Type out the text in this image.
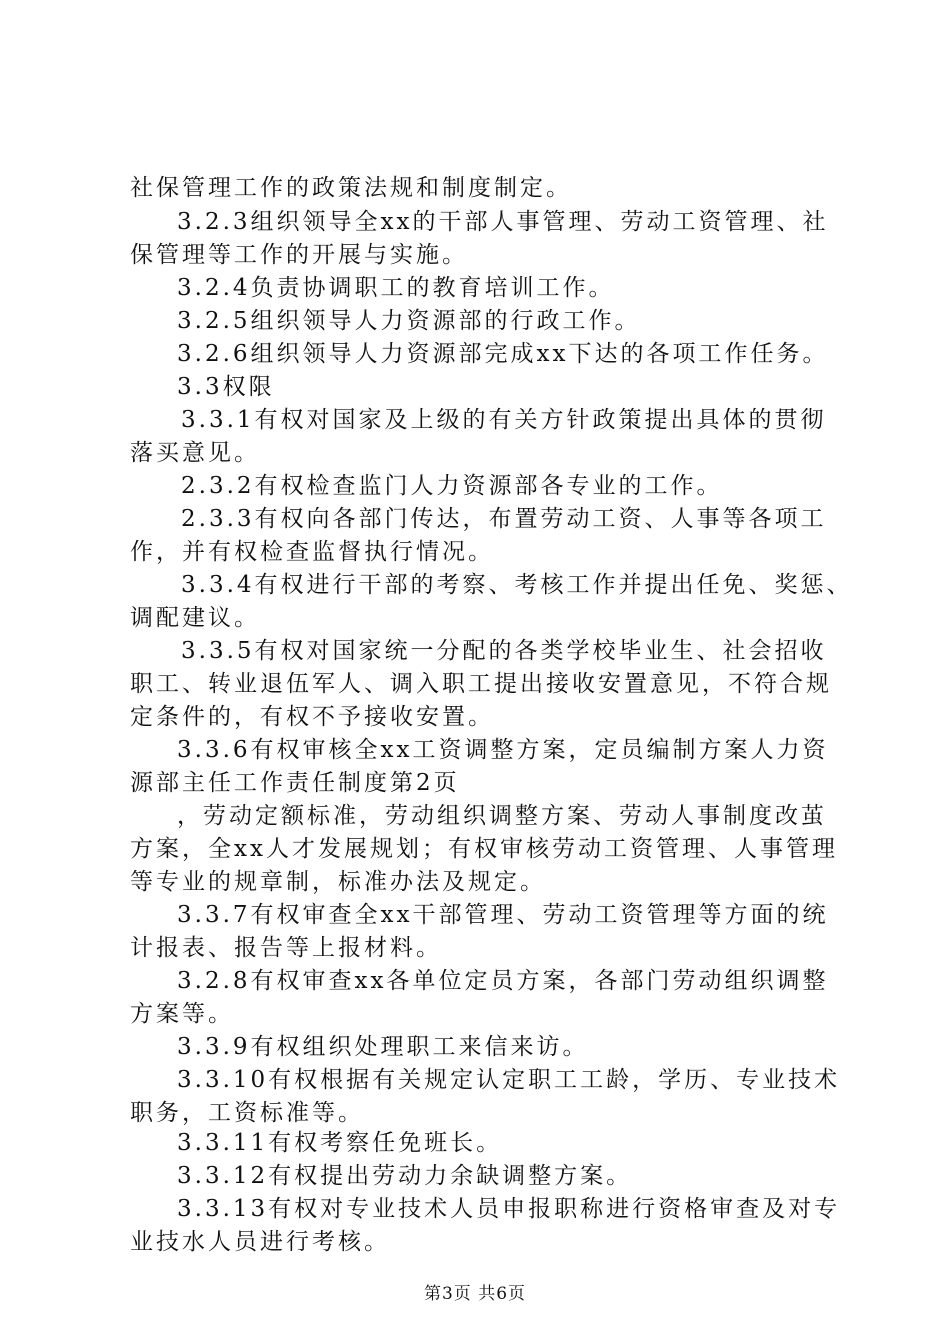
社保管理工作的政策法规和制度制定。

3.2.3组织领导全xx的干部人事管理、劳动工资管理、社

保管理等工作的开展与实施。

3.2.4负责协调职工的教育培训工作。

3.2.5组织领导人力资源部的行政工作。

3.2.6组织领导人力资源部完成xx下达的各项工作任务。

3.3权限

3.3.1有权对国家及上级的有关方针政策提出具体的贯彻

落买意见。

2.3.2有权检查监门人力资源部各专业的工作。

2.3.3有权向各部门传达，布置劳动工资、人事等各项工

作，并有权检查监督执行情况。

3.3.4有权进行干部的考察、考核工作并提出任免、奖惩、

调配建议。

3.3.5有权对国家统一分配的各类学校毕业生、社会招收

职工、转业退伍军人、调入职工提出接收安置意见，不符合规

定条件的，有权不予接收安置。

3.3.6有权审核全xx工资调整方案，定员编制方案人力资

源部主任工作责任制度第2页

，劳动定额标准，劳动组织调整方案、劳动人事制度改茧

方案，全xx人才发展规划；有权审核劳动工资管理、人事管理

等专业的规章制，标准办法及规定。

3.3.7有权审查全xx干部管理、劳动工资管理等方面的统

计报表、报告等上报材料。

3.2.8有权审查xx各单位定员方案，各部门劳动组织调整

方案等。

3.3.9有权组织处理职工来信来访。

3.3.10有权根据有关规定认定职工工龄，学历、专业技术

职务，工资标准等。

3.3.11有权考察任免班长。

3.3.12有权提出劳动力余缺调整方案。

3.3.13有权对专业技术人员申报职称进行资格审查及对专

业技水人员进行考核。

第3页 共6页
